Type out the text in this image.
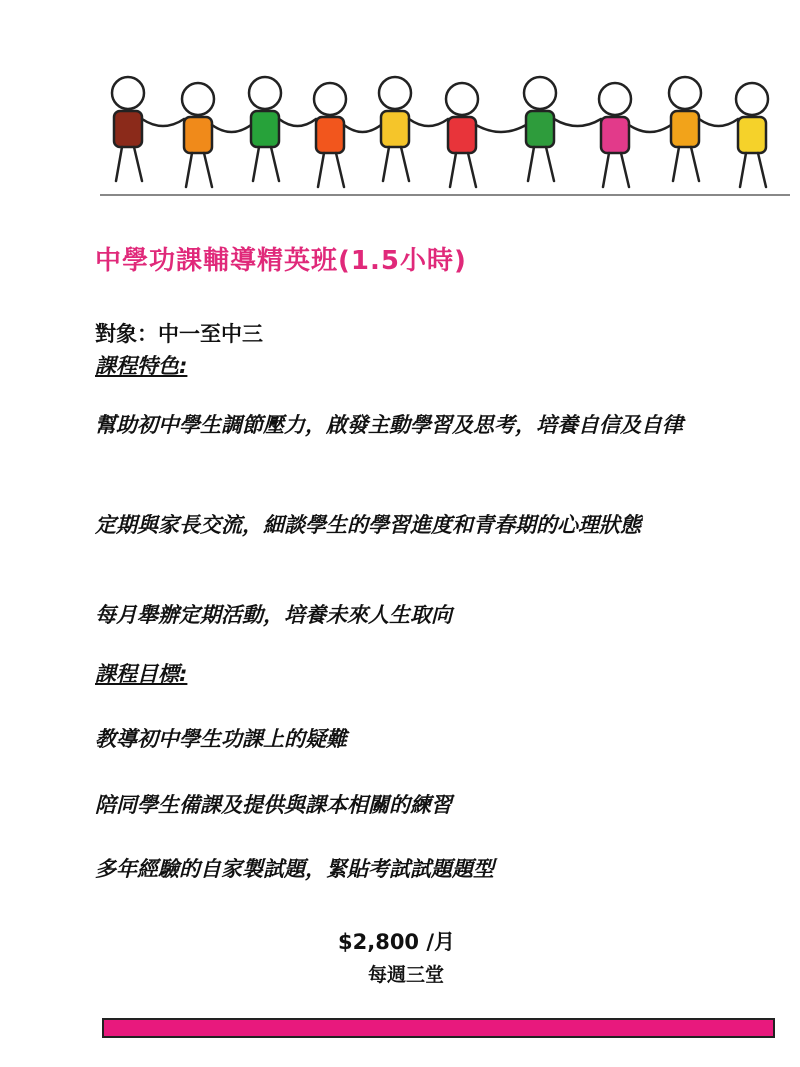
中學功課輔導精英班(1.5小時)
對象：中一至中三
課程特色:
幫助初中學生調節壓力，啟發主動學習及思考，培養自信及自律
定期與家長交流，細談學生的學習進度和青春期的心理狀態
每月舉辦定期活動，培養未來人生取向
課程目標:
教導初中學生功課上的疑難
陪同學生備課及提供與課本相關的練習
多年經驗的自家製試題，緊貼考試試題題型
$2,800 /月
每週三堂
